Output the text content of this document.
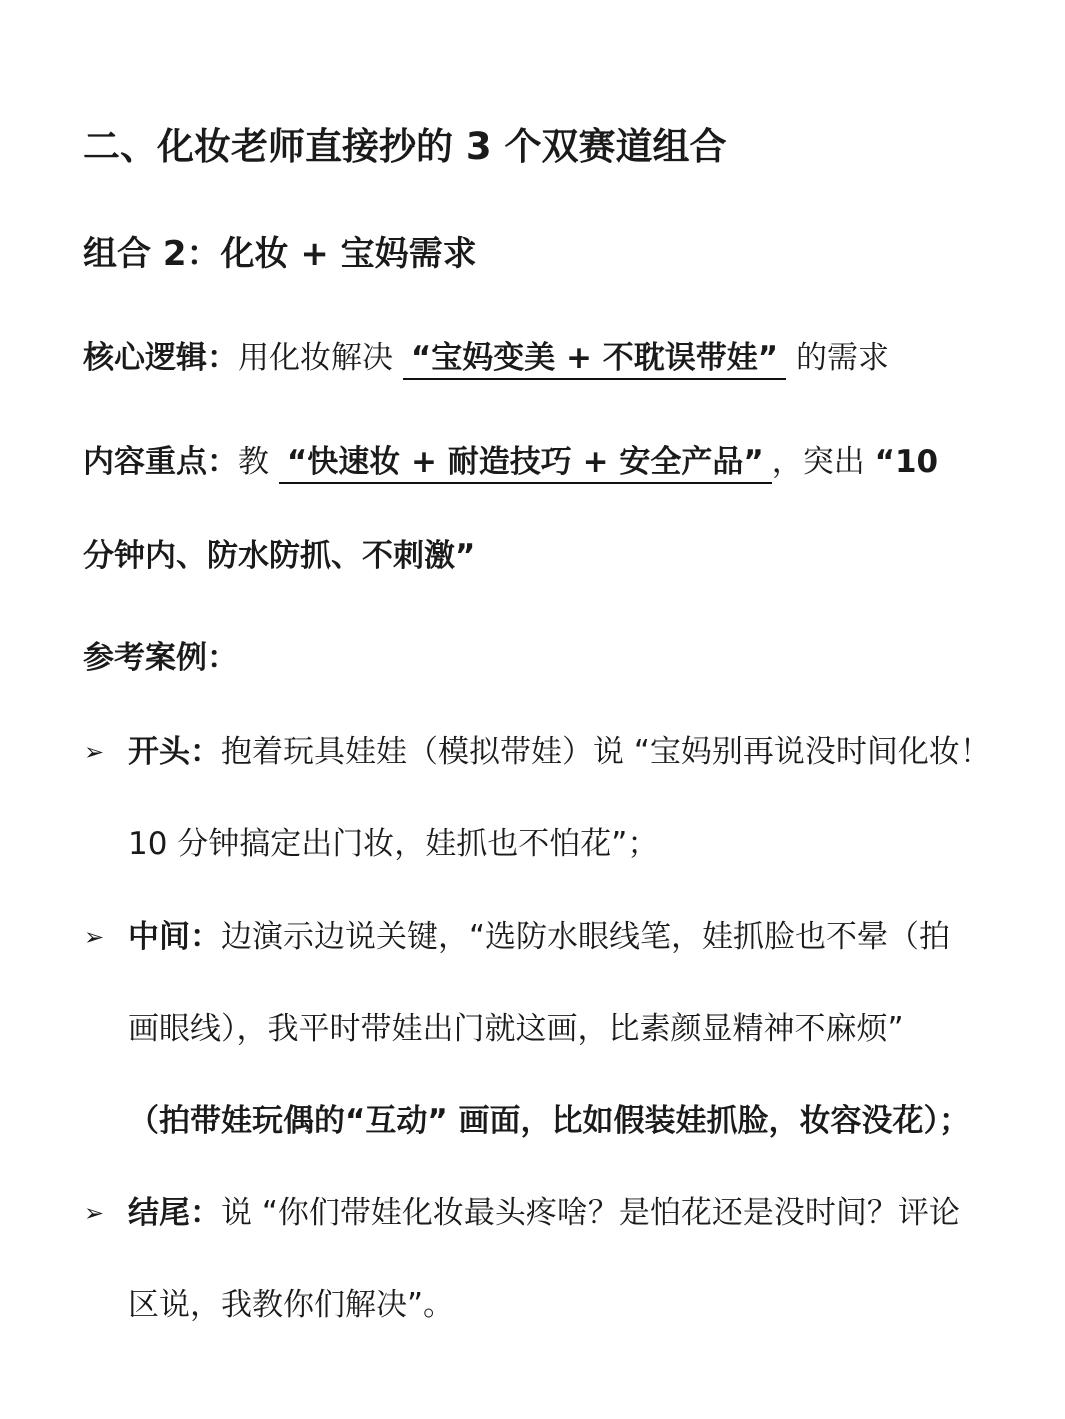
二、化妆老师直接抄的 3 个双赛道组合
组合 2：化妆 + 宝妈需求
核心逻辑：用化妆解决 “宝妈变美 + 不耽误带娃” 的需求
内容重点：教 “快速妆 + 耐造技巧 + 安全产品” ，突出 “10
分钟内、防水防抓、不刺激”
参考案例：
➢ 开头：抱着玩具娃娃（模拟带娃）说 “宝妈别再说没时间化妆！
10 分钟搞定出门妆，娃抓也不怕花”；
➢ 中间：边演示边说关键，“选防水眼线笔，娃抓脸也不晕（拍
画眼线），我平时带娃出门就这画，比素颜显精神不麻烦”
（拍带娃玩偶的“互动” 画面，比如假装娃抓脸，妆容没花）；
➢ 结尾：说 “你们带娃化妆最头疼啥？是怕花还是没时间？评论
区说，我教你们解决”。
